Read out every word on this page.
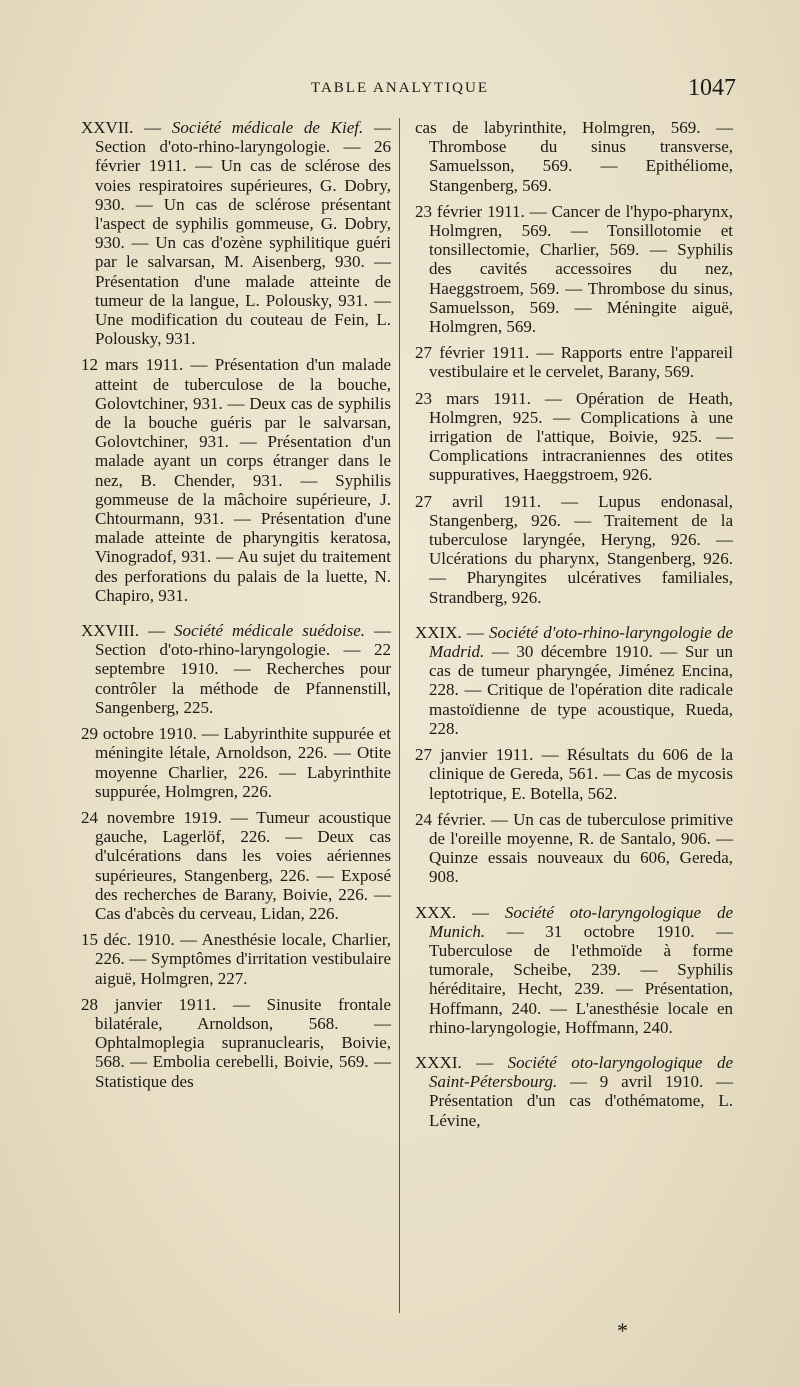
TABLE ANALYTIQUE	1047

XXVII. — Société médicale de Kief. — Section d'oto-rhino-laryngologie. — 26 février 1911. — Un cas de sclérose des voies respiratoires supérieures, G. Dobry, 930. — Un cas de sclérose présentant l'aspect de syphilis gommeuse, G. Dobry, 930. — Un cas d'ozène syphilitique guéri par le salvarsan, M. Aisenberg, 930. — Présentation d'une malade atteinte de tumeur de la langue, L. Polousky, 931. — Une modification du couteau de Fein, L. Polousky, 931.

12 mars 1911. — Présentation d'un malade atteint de tuberculose de la bouche, Golovtchiner, 931. — Deux cas de syphilis de la bouche guéris par le salvarsan, Golovtchiner, 931. — Présentation d'un malade ayant un corps étranger dans le nez, B. Chender, 931. — Syphilis gommeuse de la mâchoire supérieure, J. Chtourmann, 931. — Présentation d'une malade atteinte de pharyngitis keratosa, Vinogradof, 931. — Au sujet du traitement des perforations du palais de la luette, N. Chapiro, 931.

XXVIII. — Société médicale suédoise. — Section d'oto-rhino-laryngologie. — 22 septembre 1910. — Recherches pour contrôler la méthode de Pfannenstill, Sangenberg, 225.

29 octobre 1910. — Labyrinthite suppurée et méningite létale, Arnoldson, 226. — Otite moyenne Charlier, 226. — Labyrinthite suppurée, Holmgren, 226.

24 novembre 1919. — Tumeur acoustique gauche, Lagerlöf, 226. — Deux cas d'ulcérations dans les voies aériennes supérieures, Stangenberg, 226. — Exposé des recherches de Barany, Boivie, 226. — Cas d'abcès du cerveau, Lidan, 226.

15 déc. 1910. — Anesthésie locale, Charlier, 226. — Symptômes d'irritation vestibulaire aiguë, Holmgren, 227.

28 janvier 1911. — Sinusite frontale bilatérale, Arnoldson, 568. — Ophtalmoplegia supranuclearis, Boivie, 568. — Embolia cerebelli, Boivie, 569. — Statistique des

cas de labyrinthite, Holmgren, 569. — Thrombose du sinus transverse, Samuelsson, 569. — Epithéliome, Stangenberg, 569.

23 février 1911. — Cancer de l'hypo-pharynx, Holmgren, 569. — Tonsillotomie et tonsillectomie, Charlier, 569. — Syphilis des cavités accessoires du nez, Haeggstroem, 569. — Thrombose du sinus, Samuelsson, 569. — Méningite aiguë, Holmgren, 569.

27 février 1911. — Rapports entre l'appareil vestibulaire et le cervelet, Barany, 569.

23 mars 1911. — Opération de Heath, Holmgren, 925. — Complications à une irrigation de l'attique, Boivie, 925. — Complications intracraniennes des otites suppuratives, Haeggstroem, 926.

27 avril 1911. — Lupus endonasal, Stangenberg, 926. — Traitement de la tuberculose laryngée, Heryng, 926. — Ulcérations du pharynx, Stangenberg, 926. — Pharyngites ulcératives familiales, Strandberg, 926.

XXIX. — Société d'oto-rhino-laryngologie de Madrid. — 30 décembre 1910. — Sur un cas de tumeur pharyngée, Jiménez Encina, 228. — Critique de l'opération dite radicale mastoïdienne de type acoustique, Rueda, 228.

27 janvier 1911. — Résultats du 606 de la clinique de Gereda, 561. — Cas de mycosis leptotrique, E. Botella, 562.

24 février. — Un cas de tuberculose primitive de l'oreille moyenne, R. de Santalo, 906. — Quinze essais nouveaux du 606, Gereda, 908.

XXX. — Société oto-laryngologique de Munich. — 31 octobre 1910. — Tuberculose de l'ethmoïde à forme tumorale, Scheibe, 239. — Syphilis héréditaire, Hecht, 239. — Présentation, Hoffmann, 240. — L'anesthésie locale en rhino-laryngologie, Hoffmann, 240.

XXXI. — Société oto-laryngologique de Saint-Pétersbourg. — 9 avril 1910. — Présentation d'un cas d'othématome, L. Lévine,

*
